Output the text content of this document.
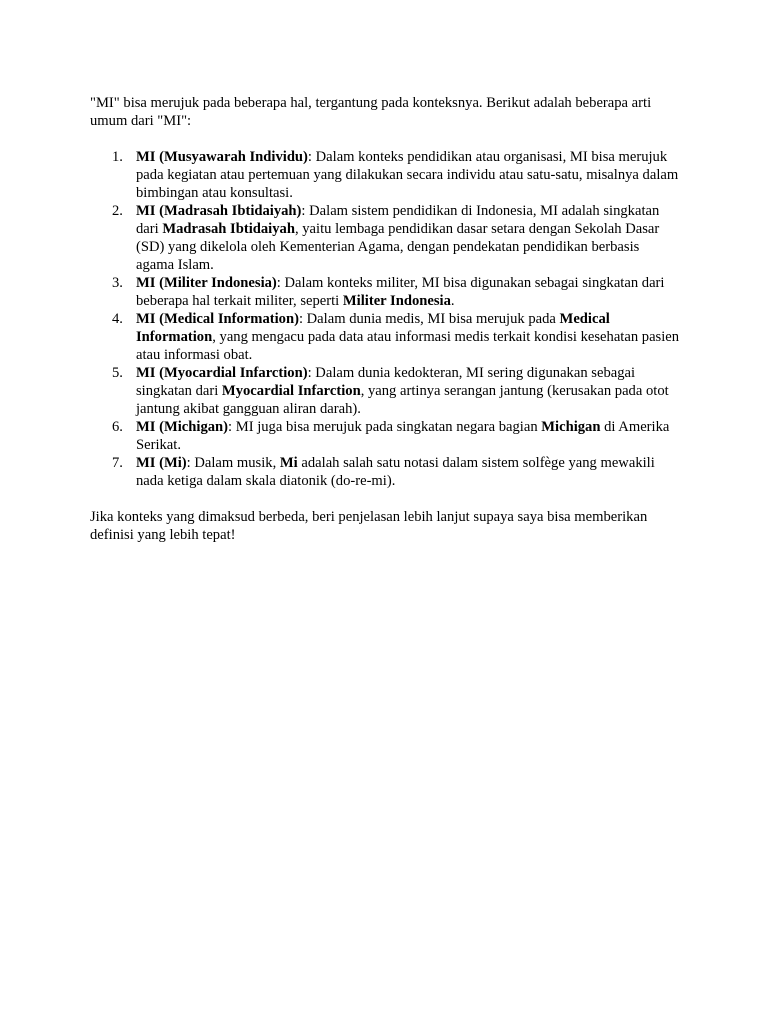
"MI" bisa merujuk pada beberapa hal, tergantung pada konteksnya. Berikut adalah beberapa arti umum dari "MI":

MI (Musyawarah Individu): Dalam konteks pendidikan atau organisasi, MI bisa merujuk pada kegiatan atau pertemuan yang dilakukan secara individu atau satu-satu, misalnya dalam bimbingan atau konsultasi.
MI (Madrasah Ibtidaiyah): Dalam sistem pendidikan di Indonesia, MI adalah singkatan dari Madrasah Ibtidaiyah, yaitu lembaga pendidikan dasar setara dengan Sekolah Dasar (SD) yang dikelola oleh Kementerian Agama, dengan pendekatan pendidikan berbasis agama Islam.
MI (Militer Indonesia): Dalam konteks militer, MI bisa digunakan sebagai singkatan dari beberapa hal terkait militer, seperti Militer Indonesia.
MI (Medical Information): Dalam dunia medis, MI bisa merujuk pada Medical Information, yang mengacu pada data atau informasi medis terkait kondisi kesehatan pasien atau informasi obat.
MI (Myocardial Infarction): Dalam dunia kedokteran, MI sering digunakan sebagai singkatan dari Myocardial Infarction, yang artinya serangan jantung (kerusakan pada otot jantung akibat gangguan aliran darah).
MI (Michigan): MI juga bisa merujuk pada singkatan negara bagian Michigan di Amerika Serikat.
MI (Mi): Dalam musik, Mi adalah salah satu notasi dalam sistem solfège yang mewakili nada ketiga dalam skala diatonik (do-re-mi).

Jika konteks yang dimaksud berbeda, beri penjelasan lebih lanjut supaya saya bisa memberikan definisi yang lebih tepat!
